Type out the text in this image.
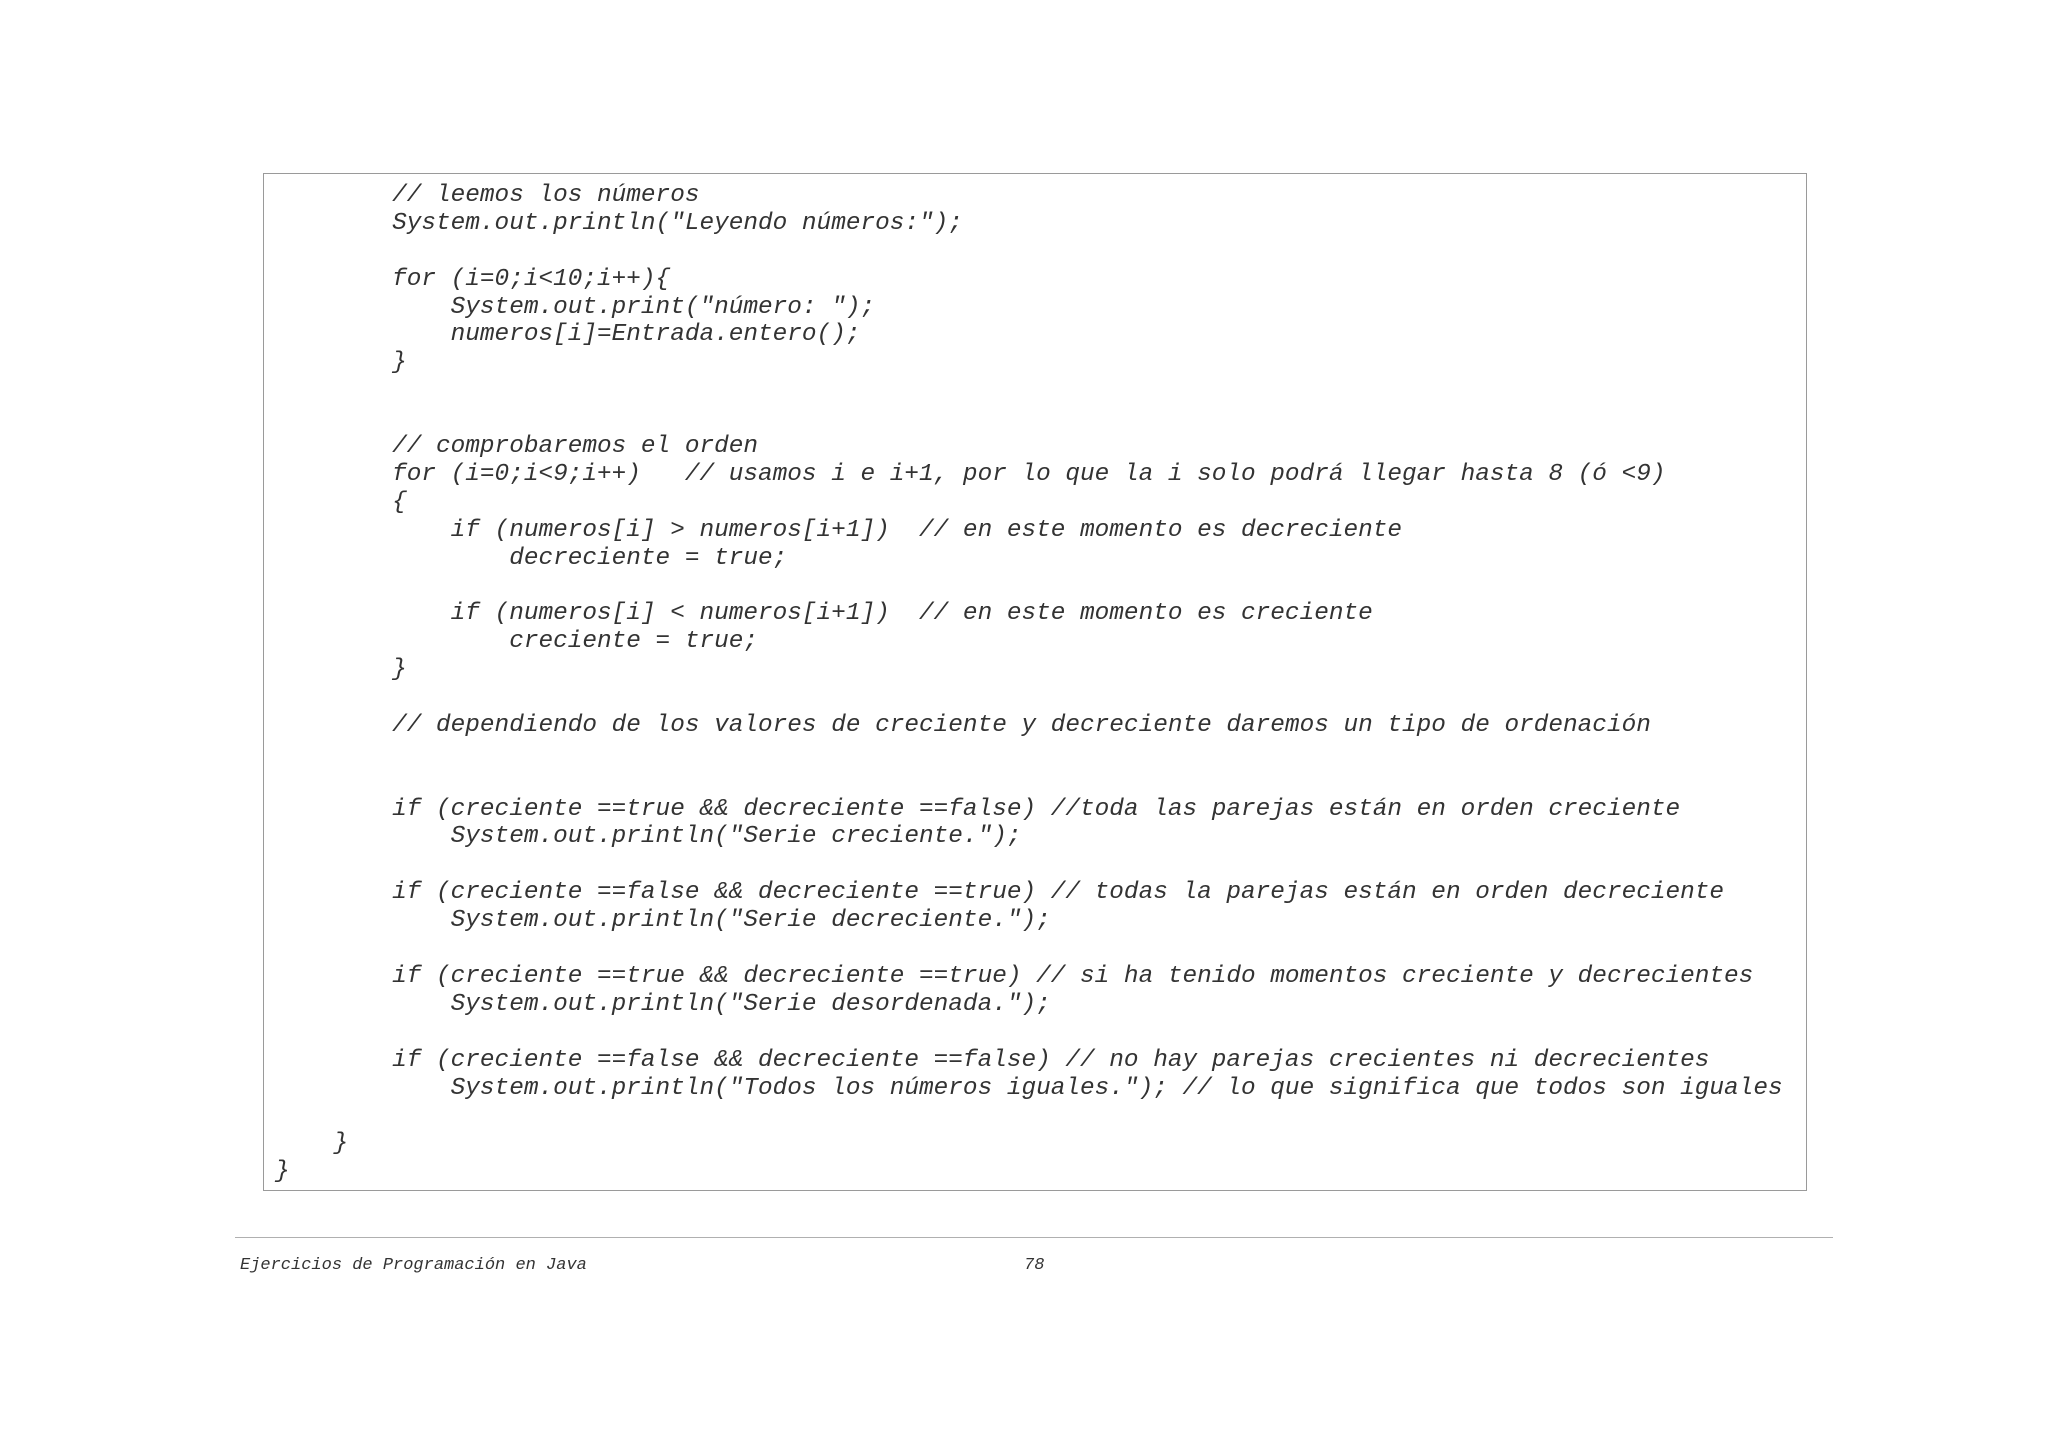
// leemos los números
System.out.println("Leyendo números:");
for (i=0;i<10;i++){
System.out.print("número: ");
numeros[i]=Entrada.entero();
}
// comprobaremos el orden
for (i=0;i<9;i++)   // usamos i e i+1, por lo que la i solo podrá llegar hasta 8 (ó <9)
{
if (numeros[i] > numeros[i+1])  // en este momento es decreciente
decreciente = true;
if (numeros[i] < numeros[i+1])  // en este momento es creciente
creciente = true;
}
// dependiendo de los valores de creciente y decreciente daremos un tipo de ordenación
if (creciente ==true && decreciente ==false) //toda las parejas están en orden creciente
System.out.println("Serie creciente.");
if (creciente ==false && decreciente ==true) // todas la parejas están en orden decreciente
System.out.println("Serie decreciente.");
if (creciente ==true && decreciente ==true) // si ha tenido momentos creciente y decrecientes
System.out.println("Serie desordenada.");
if (creciente ==false && decreciente ==false) // no hay parejas crecientes ni decrecientes
System.out.println("Todos los números iguales."); // lo que significa que todos son iguales
}
}
Ejercicios de Programación en Java	78
